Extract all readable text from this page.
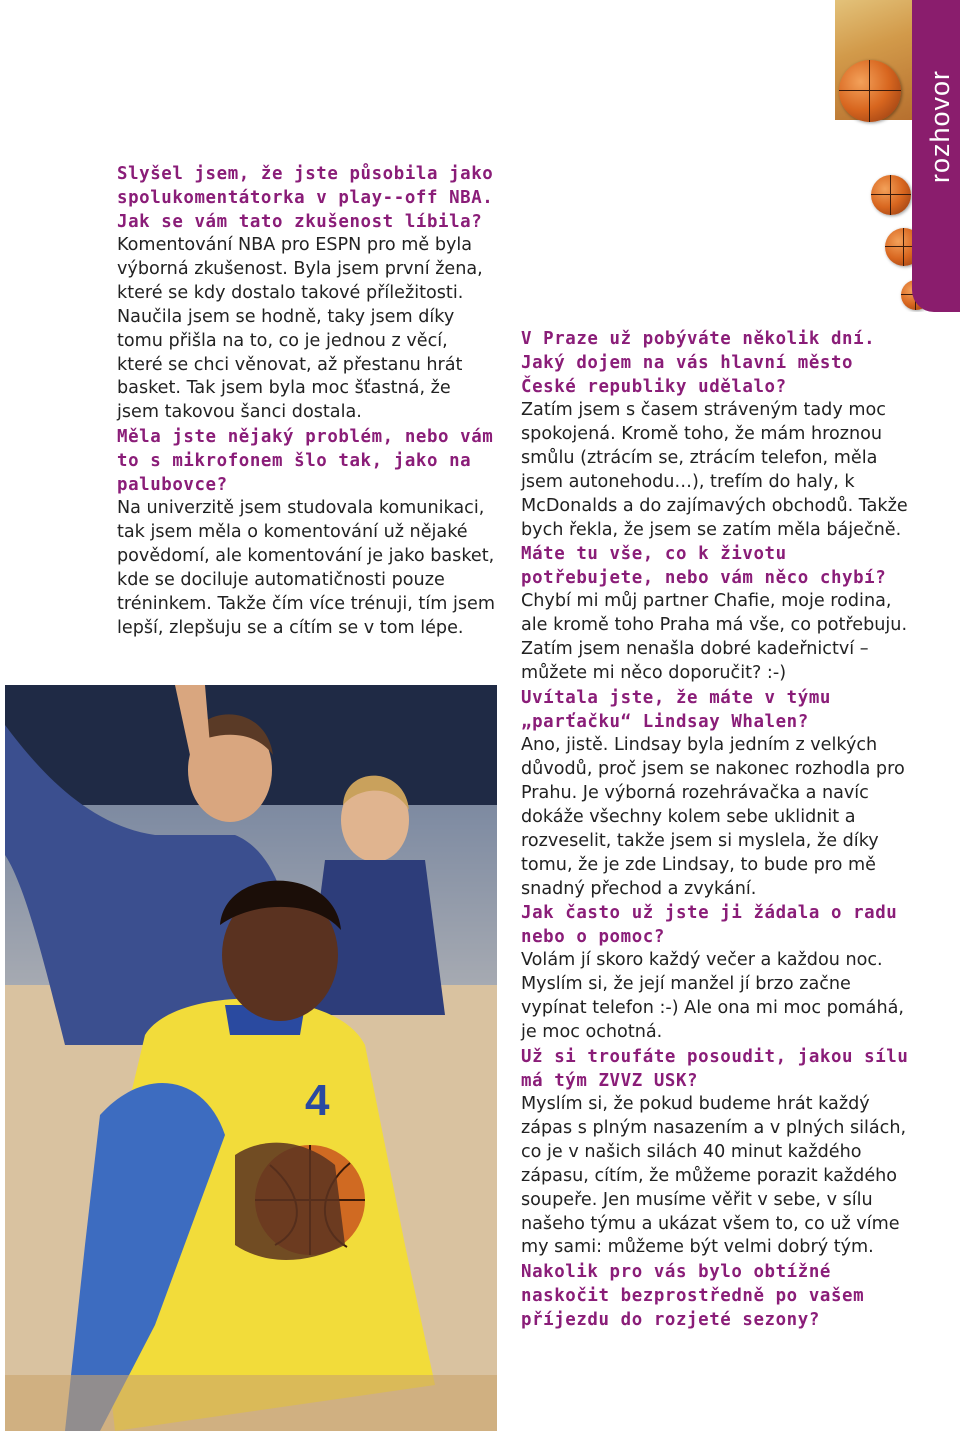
Slyšel jsem, že jste působila jako spolukomentátorka v play--off NBA. Jak se vám tato zkušenost líbila?

Komentování NBA pro ESPN pro mě byla výborná zkušenost. Byla jsem první žena, které se kdy dostalo takové příležitosti. Naučila jsem se hodně, taky jsem díky tomu přišla na to, co je jednou z věcí, které se chci věnovat, až přestanu hrát basket. Tak jsem byla moc šťastná, že jsem takovou šanci dostala.

Měla jste nějaký problém, nebo vám to s mikrofonem šlo tak, jako na palubovce?

Na univerzitě jsem studovala komunikaci, tak jsem měla o komentování už nějaké povědomí, ale komentování je jako basket, kde se dociluje automatičnosti pouze tréninkem. Takže čím více trénuji, tím jsem lepší, zlepšuju se a cítím se v tom lépe.

V Praze už pobýváte několik dní. Jaký dojem na vás hlavní město České republiky udělalo?

Zatím jsem s časem stráveným tady moc spokojená. Kromě toho, že mám hroznou smůlu (ztrácím se, ztrácím telefon, měla jsem autonehodu…), trefím do haly, k McDonalds a do zajímavých obchodů. Takže bych řekla, že jsem se zatím měla báječně.

Máte tu vše, co k životu potřebujete, nebo vám něco chybí?

Chybí mi můj partner Chafie, moje rodina, ale kromě toho Praha má vše, co potřebuju. Zatím jsem nenašla dobré kadeřnictví – můžete mi něco doporučit? :-)

Uvítala jste, že máte v týmu „parťačku“ Lindsay Whalen?

Ano, jistě. Lindsay byla jedním z velkých důvodů, proč jsem se nakonec rozhodla pro Prahu. Je výborná rozehrávačka a navíc dokáže všechny kolem sebe uklidnit a rozveselit, takže jsem si myslela, že díky tomu, že je zde Lindsay, to bude pro mě snadný přechod a zvykání.

Jak často už jste ji žádala o radu nebo o pomoc?

Volám jí skoro každý večer a každou noc. Myslím si, že její manžel jí brzo začne vypínat telefon :-) Ale ona mi moc pomáhá, je moc ochotná.

Už si troufáte posoudit, jakou sílu má tým ZVVZ USK?

Myslím si, že pokud budeme hrát každý zápas s plným nasazením a v plných silách, co je v našich silách 40 minut každého zápasu, cítím, že můžeme porazit každého soupeře. Jen musíme věřit v sebe, v sílu našeho týmu a ukázat všem to, co už víme my sami: můžeme být velmi dobrý tým.

Nakolik pro vás bylo obtížné naskočit bezprostředně po vašem příjezdu do rozjeté sezony?

rozhovor
4
